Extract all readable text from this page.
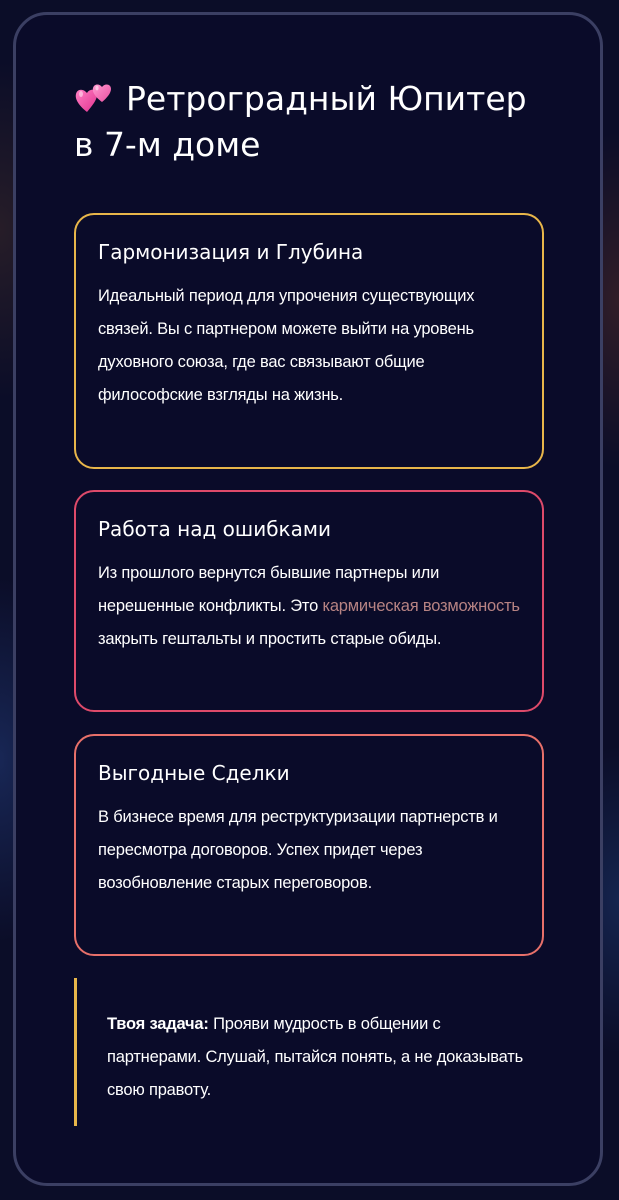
Ретроградный Юпитер в 7-м доме
Гармонизация и Глубина

Идеальный период для упрочения существующих связей. Вы с партнером можете выйти на уровень духовного союза, где вас связывают общие философские взгляды на жизнь.

Работа над ошибками

Из прошлого вернутся бывшие партнеры или нерешенные конфликты. Это кармическая возможность закрыть гештальты и простить старые обиды.

Выгодные Сделки

В бизнесе время для реструктуризации партнерств и пересмотра договоров. Успех придет через возобновление старых переговоров.

Твоя задача: Прояви мудрость в общении с партнерами. Слушай, пытайся понять, а не доказывать свою правоту.
